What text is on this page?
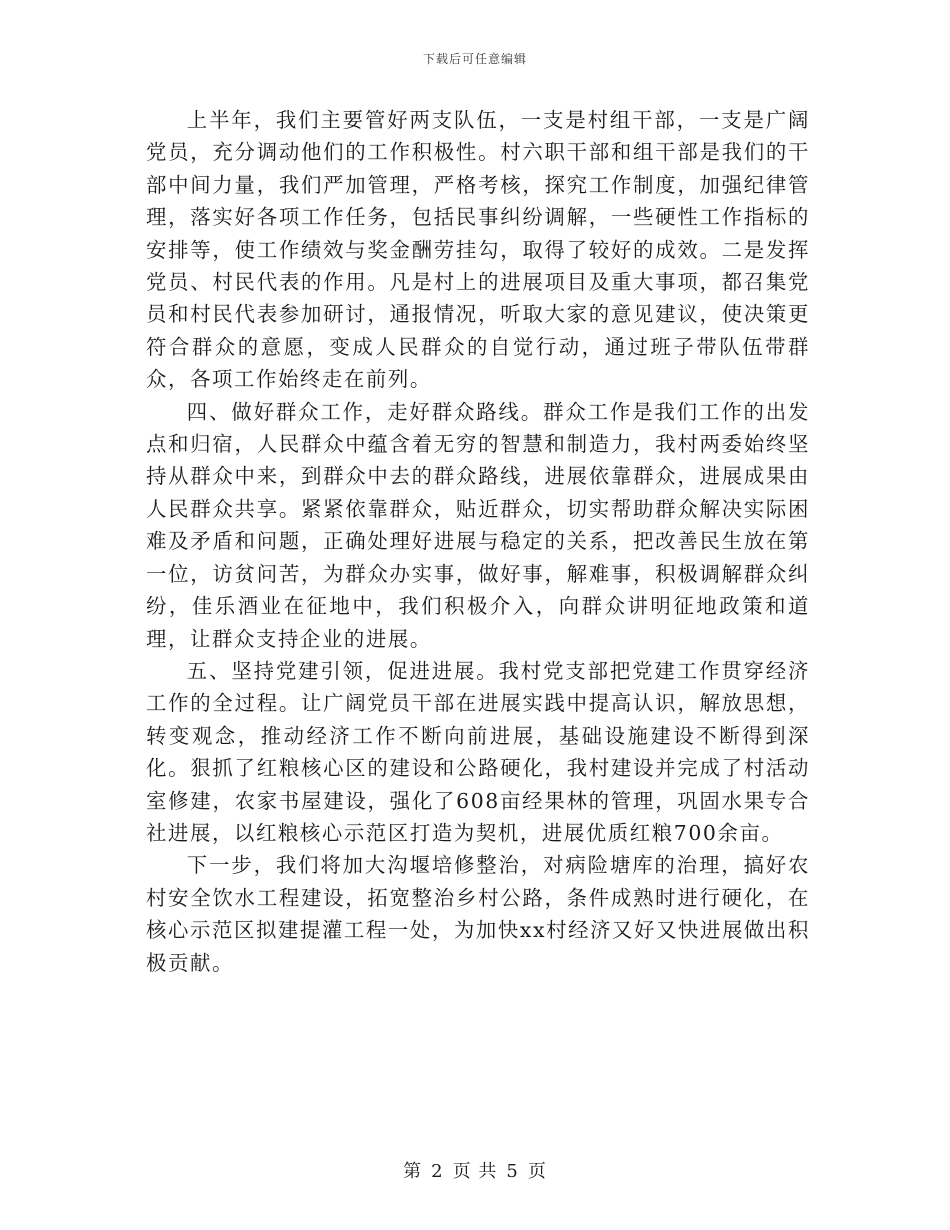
下载后可任意编辑

上半年，我们主要管好两支队伍，一支是村组干部，一支是广阔党员，充分调动他们的工作积极性。村六职干部和组干部是我们的干部中间力量，我们严加管理，严格考核，探究工作制度，加强纪律管理，落实好各项工作任务，包括民事纠纷调解，一些硬性工作指标的安排等，使工作绩效与奖金酬劳挂勾，取得了较好的成效。二是发挥党员、村民代表的作用。凡是村上的进展项目及重大事项，都召集党员和村民代表参加研讨，通报情况，听取大家的意见建议，使决策更符合群众的意愿，变成人民群众的自觉行动，通过班子带队伍带群众，各项工作始终走在前列。

四、做好群众工作，走好群众路线。群众工作是我们工作的出发点和归宿，人民群众中蕴含着无穷的智慧和制造力，我村两委始终坚持从群众中来，到群众中去的群众路线，进展依靠群众，进展成果由人民群众共享。紧紧依靠群众，贴近群众，切实帮助群众解决实际困难及矛盾和问题，正确处理好进展与稳定的关系，把改善民生放在第一位，访贫问苦，为群众办实事，做好事，解难事，积极调解群众纠纷，佳乐酒业在征地中，我们积极介入，向群众讲明征地政策和道理，让群众支持企业的进展。

五、坚持党建引领，促进进展。我村党支部把党建工作贯穿经济工作的全过程。让广阔党员干部在进展实践中提高认识，解放思想，转变观念，推动经济工作不断向前进展，基础设施建设不断得到深化。狠抓了红粮核心区的建设和公路硬化，我村建设并完成了村活动室修建，农家书屋建设，强化了608亩经果林的管理，巩固水果专合社进展，以红粮核心示范区打造为契机，进展优质红粮700余亩。

下一步，我们将加大沟堰培修整治，对病险塘库的治理，搞好农村安全饮水工程建设，拓宽整治乡村公路，条件成熟时进行硬化，在核心示范区拟建提灌工程一处，为加快xx村经济又好又快进展做出积极贡献。

第 2 页 共 5 页
